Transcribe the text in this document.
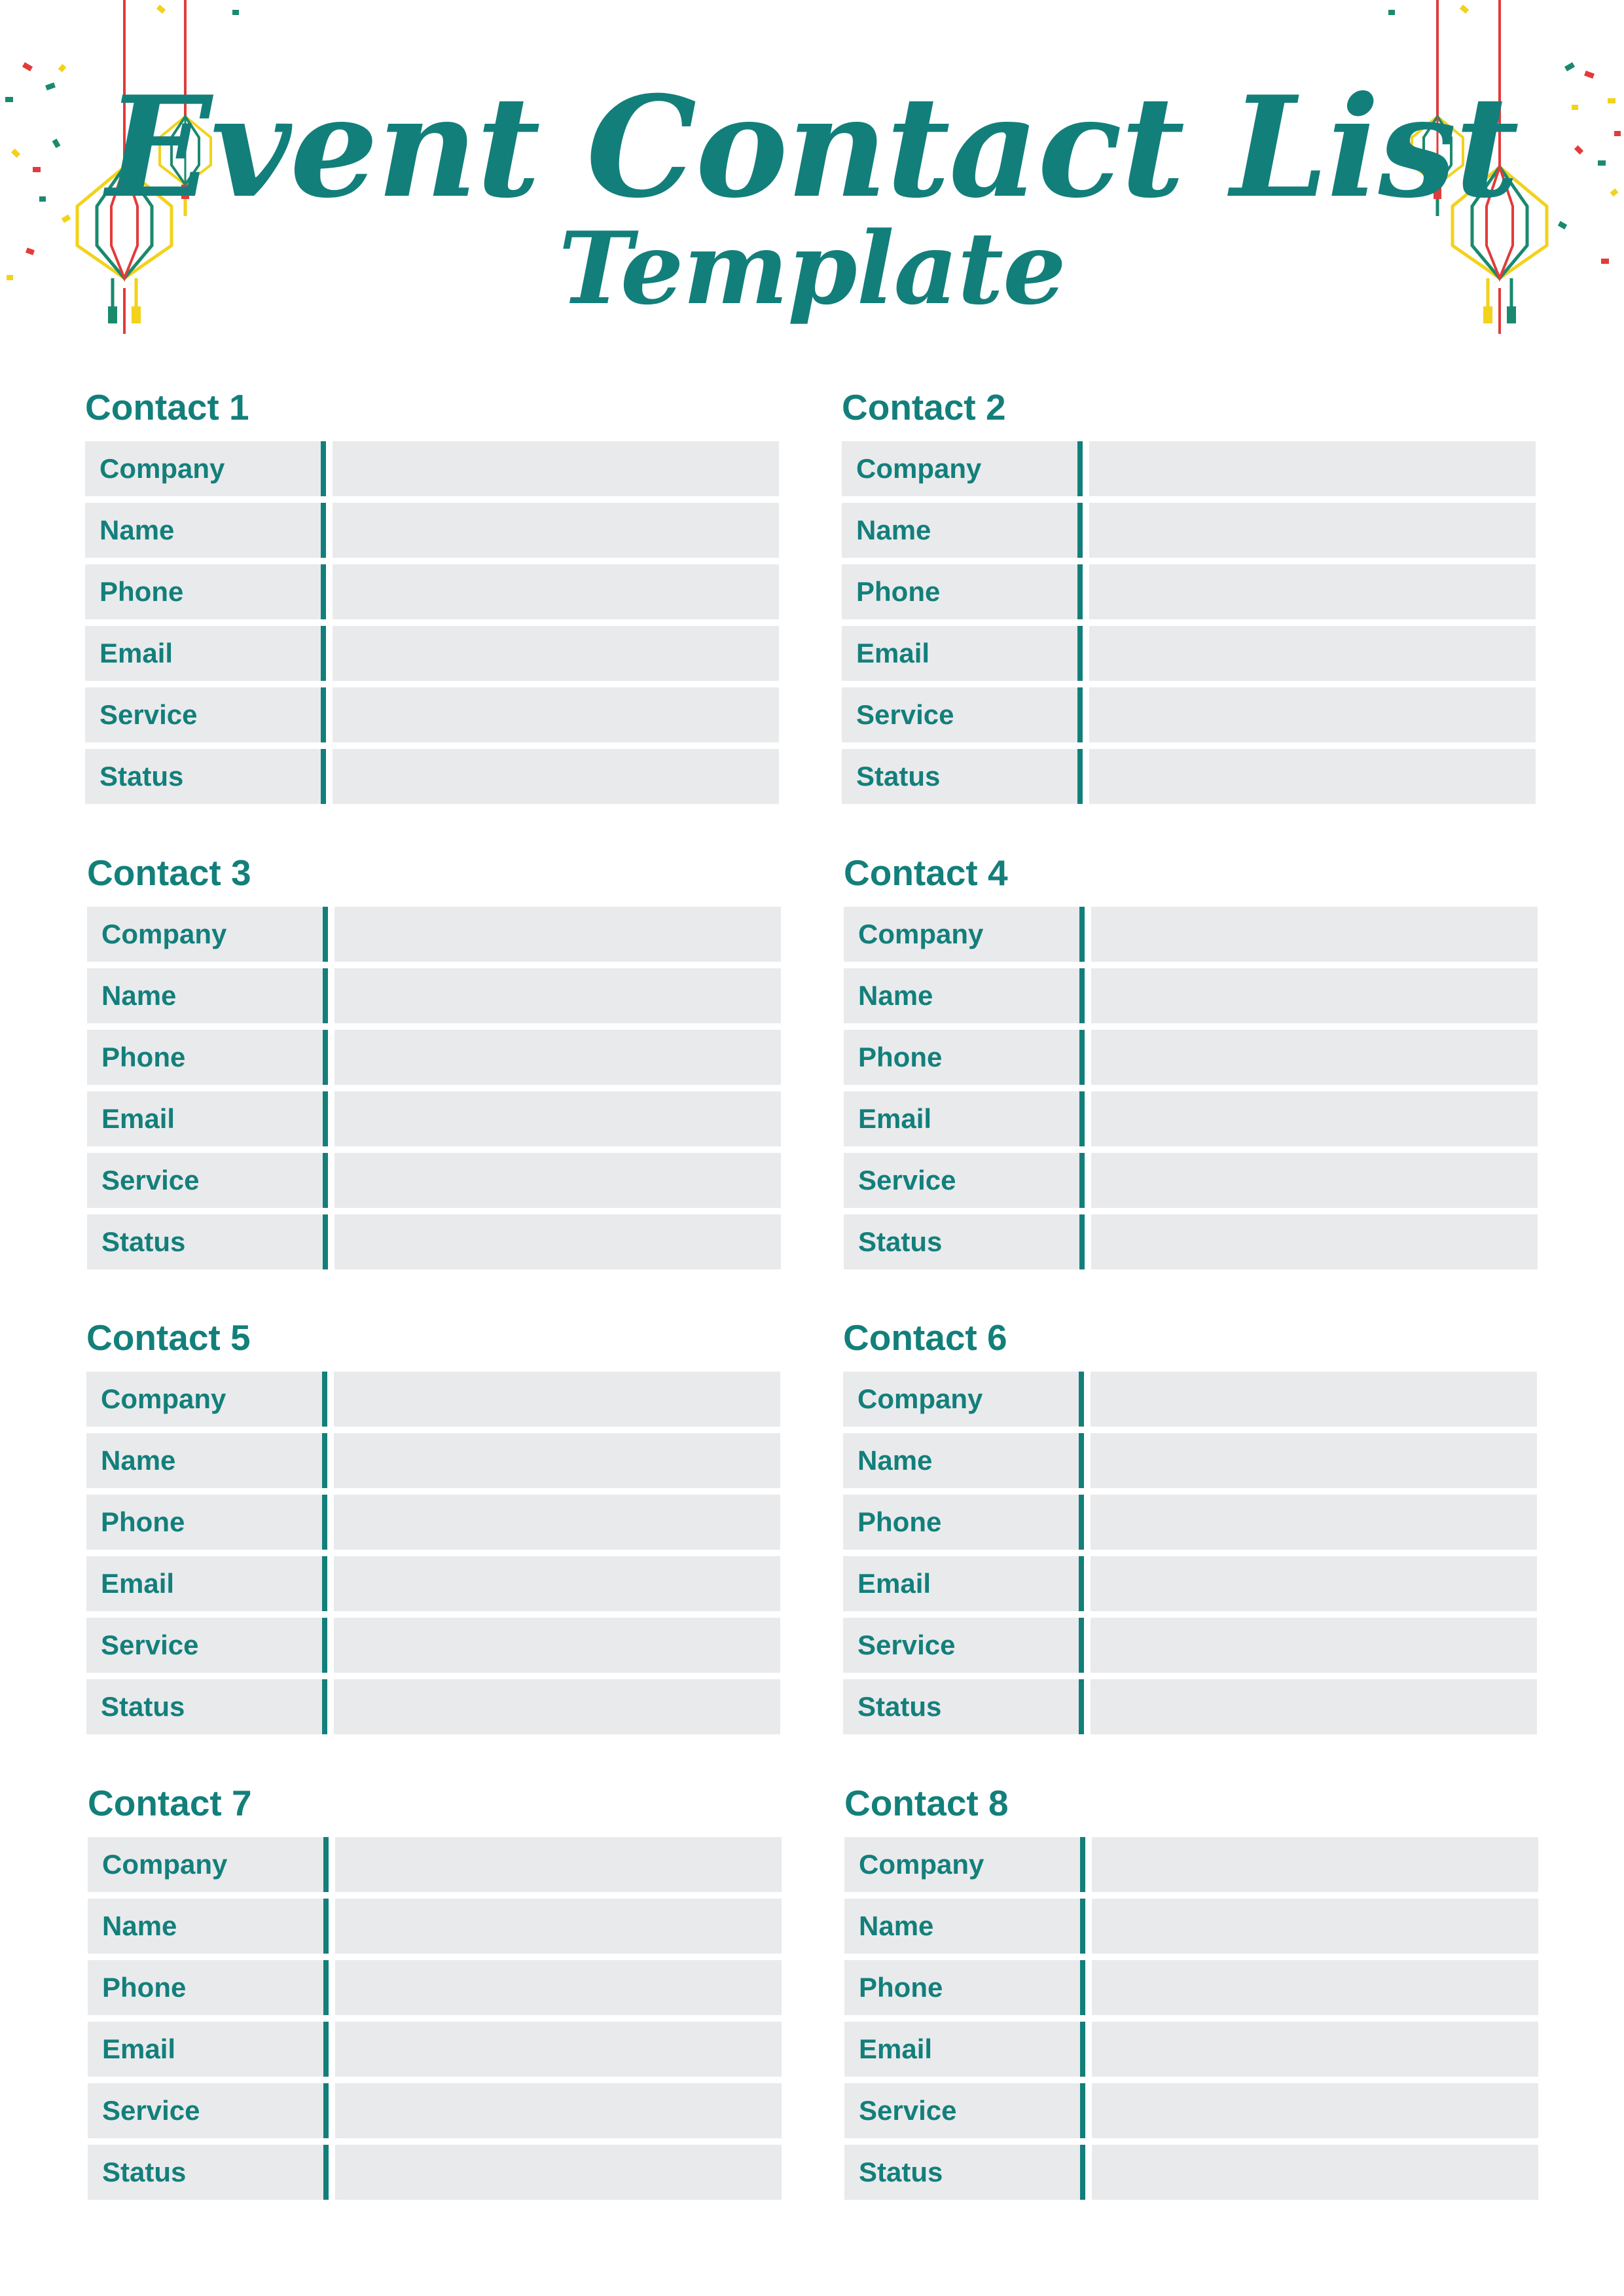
Event Contact List
Template
Contact 1
Company
Name
Phone
Email
Service
Status
Contact 2
Company
Name
Phone
Email
Service
Status
Contact 3
Company
Name
Phone
Email
Service
Status
Contact 4
Company
Name
Phone
Email
Service
Status
Contact 5
Company
Name
Phone
Email
Service
Status
Contact 6
Company
Name
Phone
Email
Service
Status
Contact 7
Company
Name
Phone
Email
Service
Status
Contact 8
Company
Name
Phone
Email
Service
Status
